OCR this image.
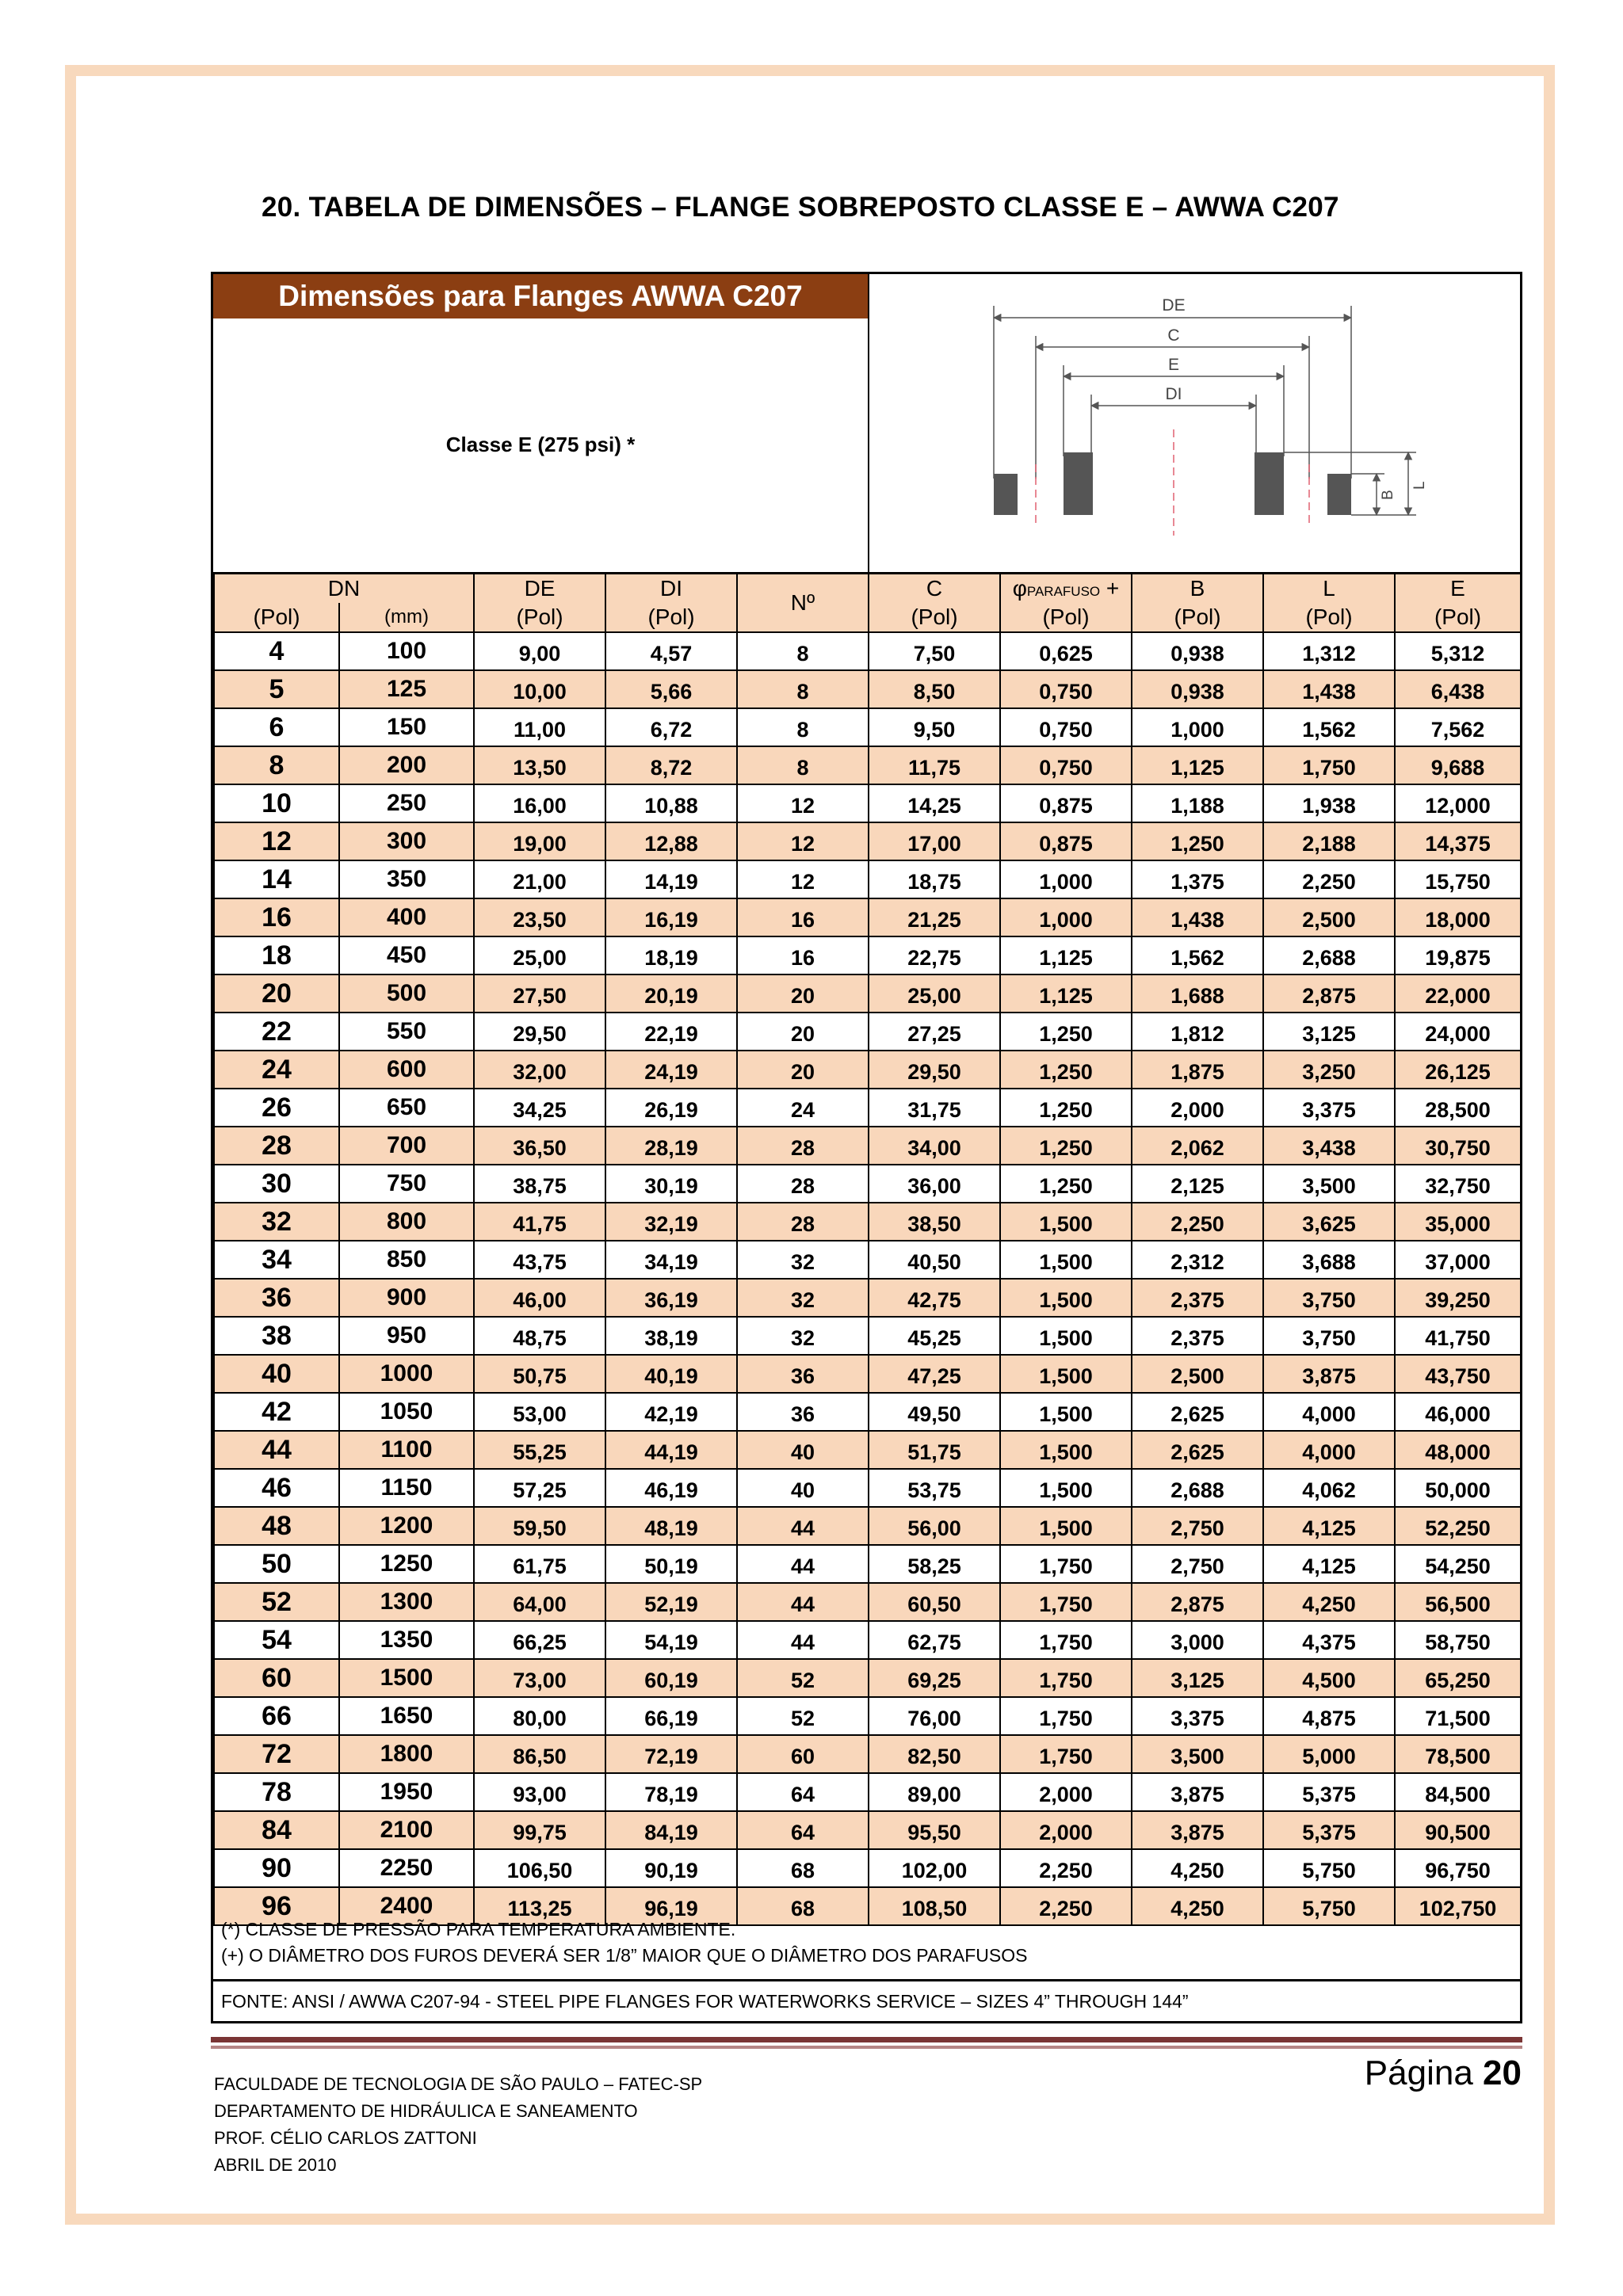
20. TABELA DE DIMENSÕES – FLANGE SOBREPOSTO CLASSE E – AWWA C207
Dimensões para Flanges AWWA C207
Classe E (275 psi) *
DE
C
E
DI
B
L
DN		DE	DI	Nº	C	φPARAFUSO +	B	L	E
(Pol)	(mm)	(Pol)	(Pol)		(Pol)	(Pol)	(Pol)	(Pol)	(Pol)
4	100	9,00	4,57	8	7,50	0,625	0,938	1,312	5,312
5	125	10,00	5,66	8	8,50	0,750	0,938	1,438	6,438
6	150	11,00	6,72	8	9,50	0,750	1,000	1,562	7,562
8	200	13,50	8,72	8	11,75	0,750	1,125	1,750	9,688
10	250	16,00	10,88	12	14,25	0,875	1,188	1,938	12,000
12	300	19,00	12,88	12	17,00	0,875	1,250	2,188	14,375
14	350	21,00	14,19	12	18,75	1,000	1,375	2,250	15,750
16	400	23,50	16,19	16	21,25	1,000	1,438	2,500	18,000
18	450	25,00	18,19	16	22,75	1,125	1,562	2,688	19,875
20	500	27,50	20,19	20	25,00	1,125	1,688	2,875	22,000
22	550	29,50	22,19	20	27,25	1,250	1,812	3,125	24,000
24	600	32,00	24,19	20	29,50	1,250	1,875	3,250	26,125
26	650	34,25	26,19	24	31,75	1,250	2,000	3,375	28,500
28	700	36,50	28,19	28	34,00	1,250	2,062	3,438	30,750
30	750	38,75	30,19	28	36,00	1,250	2,125	3,500	32,750
32	800	41,75	32,19	28	38,50	1,500	2,250	3,625	35,000
34	850	43,75	34,19	32	40,50	1,500	2,312	3,688	37,000
36	900	46,00	36,19	32	42,75	1,500	2,375	3,750	39,250
38	950	48,75	38,19	32	45,25	1,500	2,375	3,750	41,750
40	1000	50,75	40,19	36	47,25	1,500	2,500	3,875	43,750
42	1050	53,00	42,19	36	49,50	1,500	2,625	4,000	46,000
44	1100	55,25	44,19	40	51,75	1,500	2,625	4,000	48,000
46	1150	57,25	46,19	40	53,75	1,500	2,688	4,062	50,000
48	1200	59,50	48,19	44	56,00	1,500	2,750	4,125	52,250
50	1250	61,75	50,19	44	58,25	1,750	2,750	4,125	54,250
52	1300	64,00	52,19	44	60,50	1,750	2,875	4,250	56,500
54	1350	66,25	54,19	44	62,75	1,750	3,000	4,375	58,750
60	1500	73,00	60,19	52	69,25	1,750	3,125	4,500	65,250
66	1650	80,00	66,19	52	76,00	1,750	3,375	4,875	71,500
72	1800	86,50	72,19	60	82,50	1,750	3,500	5,000	78,500
78	1950	93,00	78,19	64	89,00	2,000	3,875	5,375	84,500
84	2100	99,75	84,19	64	95,50	2,000	3,875	5,375	90,500
90	2250	106,50	90,19	68	102,00	2,250	4,250	5,750	96,750
96	2400	113,25	96,19	68	108,50	2,250	4,250	5,750	102,750
(*) CLASSE DE PRESSÃO PARA TEMPERATURA AMBIENTE.
(+) O DIÂMETRO DOS FUROS DEVERÁ SER 1/8” MAIOR QUE O DIÂMETRO DOS PARAFUSOS
FONTE: ANSI / AWWA C207-94 - STEEL PIPE FLANGES FOR WATERWORKS SERVICE – SIZES 4” THROUGH 144”
FACULDADE DE TECNOLOGIA DE SÃO PAULO – FATEC-SP
DEPARTAMENTO DE HIDRÁULICA E SANEAMENTO
PROF. CÉLIO CARLOS ZATTONI
ABRIL DE 2010
Página 20
